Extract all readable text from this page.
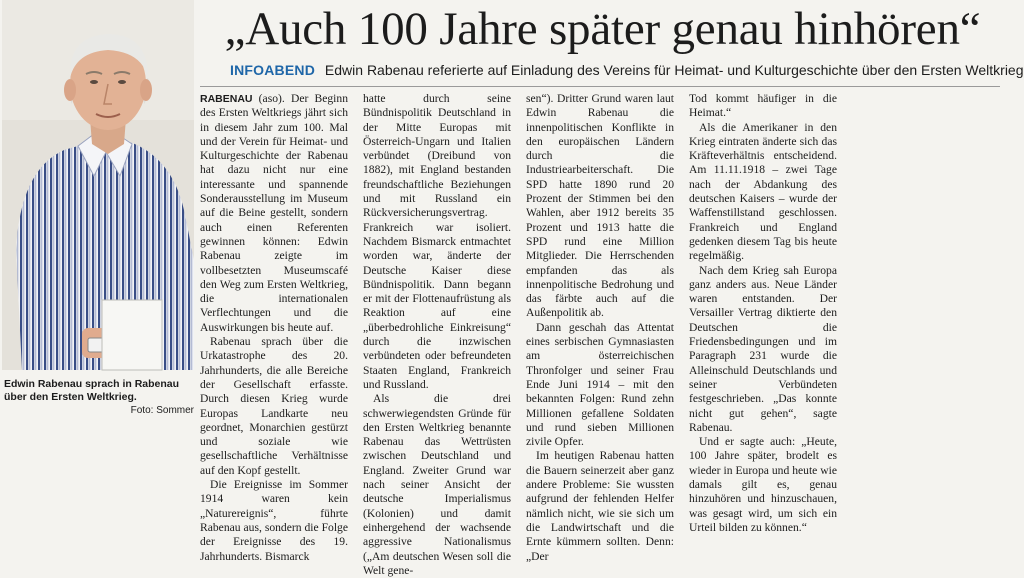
Edwin Rabenau sprach in Rabenau über den Ersten Weltkrieg.
Foto: Sommer
„Auch 100 Jahre später genau hinhören“
INFOABEND Edwin Rabenau referierte auf Einladung des Vereins für Heimat- und Kulturgeschichte über den Ersten Weltkrieg

RABENAU (aso). Der Beginn des Ersten Weltkriegs jährt sich in diesem Jahr zum 100. Mal und der Verein für Heimat- und Kulturgeschichte der Rabenau hat dazu nicht nur eine interessante und spannende Sonderausstellung im Museum auf die Beine gestellt, sondern auch einen Referenten gewinnen können: Edwin Rabenau zeigte im vollbesetzten Museumscafé den Weg zum Ersten Weltkrieg, die internationalen Verflechtungen und die Auswirkungen bis heute auf.

Rabenau sprach über die Urkatastrophe des 20. Jahrhunderts, die alle Bereiche der Gesellschaft erfasste. Durch diesen Krieg wurde Europas Landkarte neu geordnet, Monarchien gestürzt und soziale wie gesellschaftliche Verhältnisse auf den Kopf gestellt.

Die Ereignisse im Sommer 1914 waren kein „Naturereignis“, führte Rabenau aus, sondern die Folge der Ereignisse des 19. Jahrhunderts. Bismarck

hatte durch seine Bündnispolitik Deutschland in der Mitte Europas mit Österreich-Ungarn und Italien verbündet (Dreibund von 1882), mit England bestanden freundschaftliche Beziehungen und mit Russland ein Rückversicherungsvertrag. Frankreich war isoliert. Nachdem Bismarck entmachtet worden war, änderte der Deutsche Kaiser diese Bündnispolitik. Dann begann er mit der Flottenaufrüstung als Reaktion auf eine „überbedrohliche Einkreisung“ durch die inzwischen verbündeten oder befreundeten Staaten England, Frankreich und Russland.

Als die drei schwerwiegendsten Gründe für den Ersten Weltkrieg benannte Rabenau das Wettrüsten zwischen Deutschland und England. Zweiter Grund war nach seiner Ansicht der deutsche Imperialismus (Kolonien) und damit einhergehend der wachsende aggressive Nationalismus („Am deutschen Wesen soll die Welt gene-

sen“). Dritter Grund waren laut Edwin Rabenau die innenpolitischen Konflikte in den europäischen Ländern durch die Industriearbeiterschaft. Die SPD hatte 1890 rund 20 Prozent der Stimmen bei den Wahlen, aber 1912 bereits 35 Prozent und 1913 hatte die SPD rund eine Million Mitglieder. Die Herrschenden empfanden das als innenpolitische Bedrohung und das färbte auch auf die Außenpolitik ab.

Dann geschah das Attentat eines serbischen Gymnasiasten am österreichischen Thronfolger und seiner Frau Ende Juni 1914 – mit den bekannten Folgen: Rund zehn Millionen gefallene Soldaten und rund sieben Millionen zivile Opfer.

Im heutigen Rabenau hatten die Bauern seinerzeit aber ganz andere Probleme: Sie wussten aufgrund der fehlenden Helfer nämlich nicht, wie sie sich um die Landwirtschaft und die Ernte kümmern sollten. Denn: „Der

Tod kommt häufiger in die Heimat.“

Als die Amerikaner in den Krieg eintraten änderte sich das Kräfteverhältnis entscheidend. Am 11.11.1918 – zwei Tage nach der Abdankung des deutschen Kaisers – wurde der Waffenstillstand geschlossen. Frankreich und England gedenken diesem Tag bis heute regelmäßig.

Nach dem Krieg sah Europa ganz anders aus. Neue Länder waren entstanden. Der Versailler Vertrag diktierte den Deutschen die Friedensbedingungen und im Paragraph 231 wurde die Alleinschuld Deutschlands und seiner Verbündeten festgeschrieben. „Das konnte nicht gut gehen“, sagte Rabenau.

Und er sagte auch: „Heute, 100 Jahre später, brodelt es wieder in Europa und heute wie damals gilt es, genau hinzuhören und hinzuschauen, was gesagt wird, um sich ein Urteil bilden zu können.“
